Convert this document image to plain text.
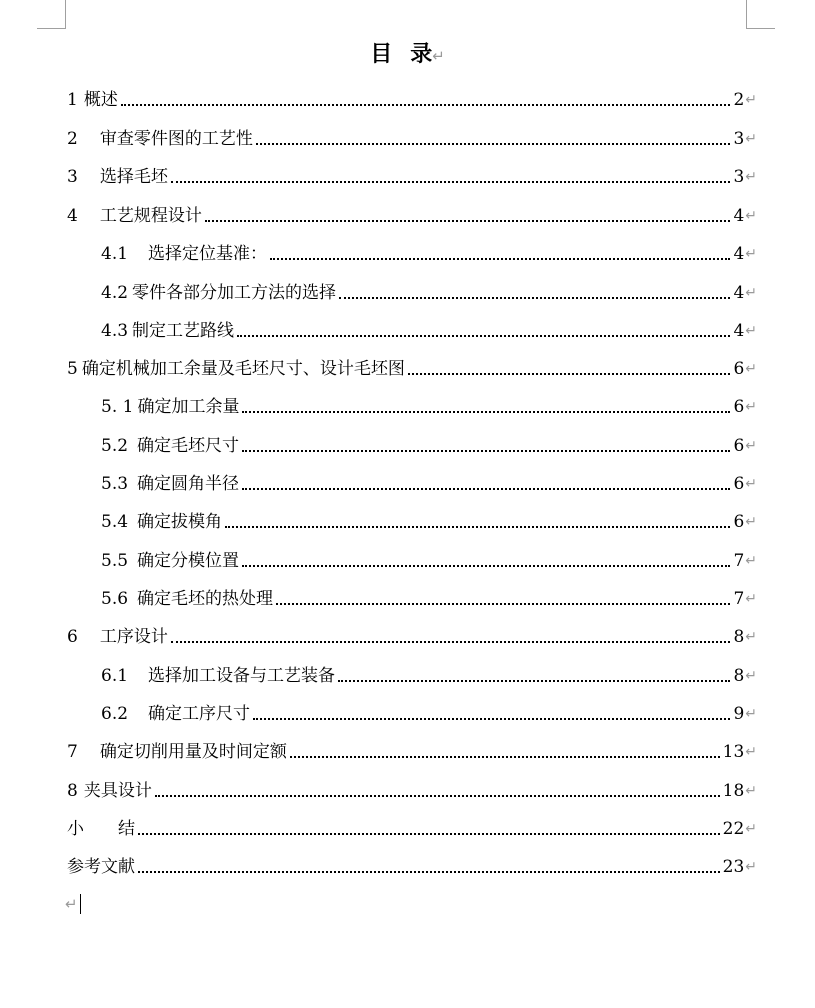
目 录↵
1 概述	2 ↵
2 审查零件图的工艺性	3 ↵
3 选择毛坯	3 ↵
4 工艺规程设计	4 ↵
4.1 选择定位基准：	4 ↵
4.2 零件各部分加工方法的选择	4 ↵
4.3 制定工艺路线	4 ↵
5 确定机械加工余量及毛坯尺寸、设计毛坯图	6 ↵
5. 1 确定加工余量	6 ↵
5.2 确定毛坯尺寸	6 ↵
5.3 确定圆角半径	6 ↵
5.4 确定拔模角	6 ↵
5.5 确定分模位置	7 ↵
5.6 确定毛坯的热处理	7 ↵
6 工序设计	8 ↵
6.1 选择加工设备与工艺装备	8 ↵
6.2 确定工序尺寸	9 ↵
7 确定切削用量及时间定额	13 ↵
8 夹具设计	18 ↵
小　　结	22 ↵
参考文献	23 ↵
↵
